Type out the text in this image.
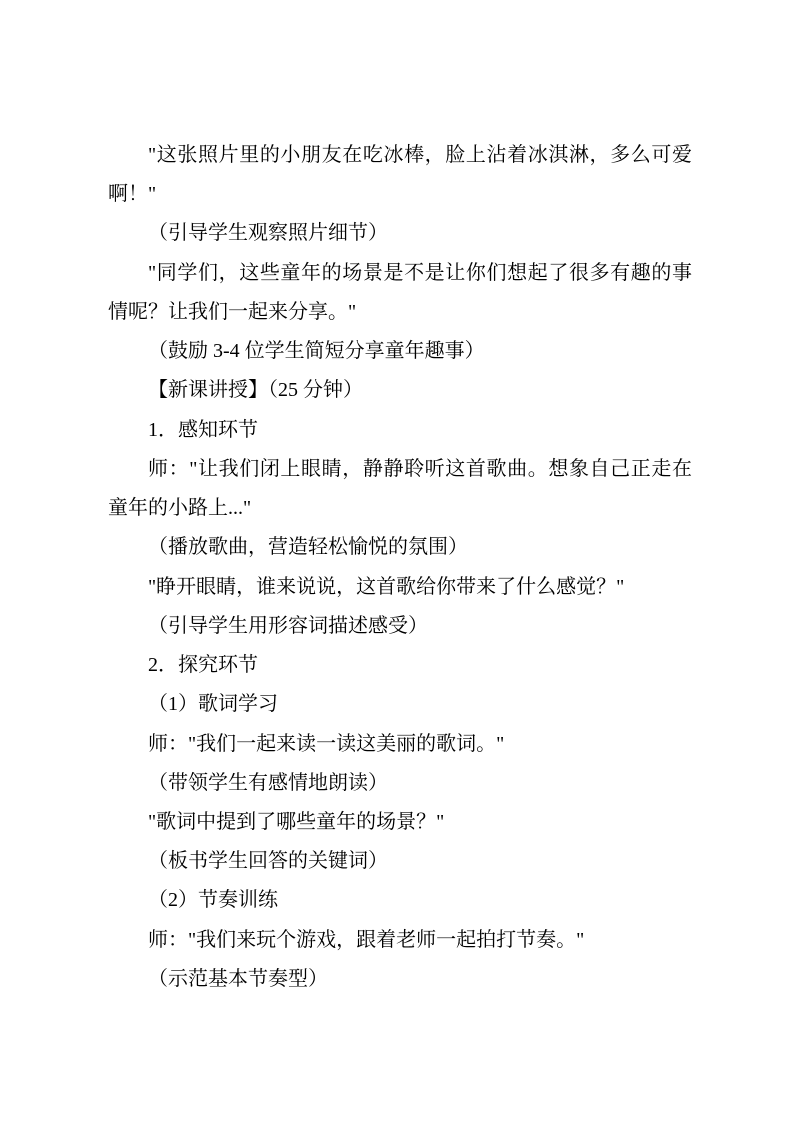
"这张照片里的小朋友在吃冰棒，脸上沾着冰淇淋，多么可爱
啊！"
（引导学生观察照片细节）
"同学们，这些童年的场景是不是让你们想起了很多有趣的事
情呢？让我们一起来分享。"
（鼓励 3-4 位学生简短分享童年趣事）
【新课讲授】（25 分钟）
1．感知环节
师："让我们闭上眼睛，静静聆听这首歌曲。想象自己正走在
童年的小路上..."
（播放歌曲，营造轻松愉悦的氛围）
"睁开眼睛，谁来说说，这首歌给你带来了什么感觉？"
（引导学生用形容词描述感受）
2．探究环节
（1）歌词学习
师："我们一起来读一读这美丽的歌词。"
（带领学生有感情地朗读）
"歌词中提到了哪些童年的场景？"
（板书学生回答的关键词）
（2）节奏训练
师："我们来玩个游戏，跟着老师一起拍打节奏。"
（示范基本节奏型）
